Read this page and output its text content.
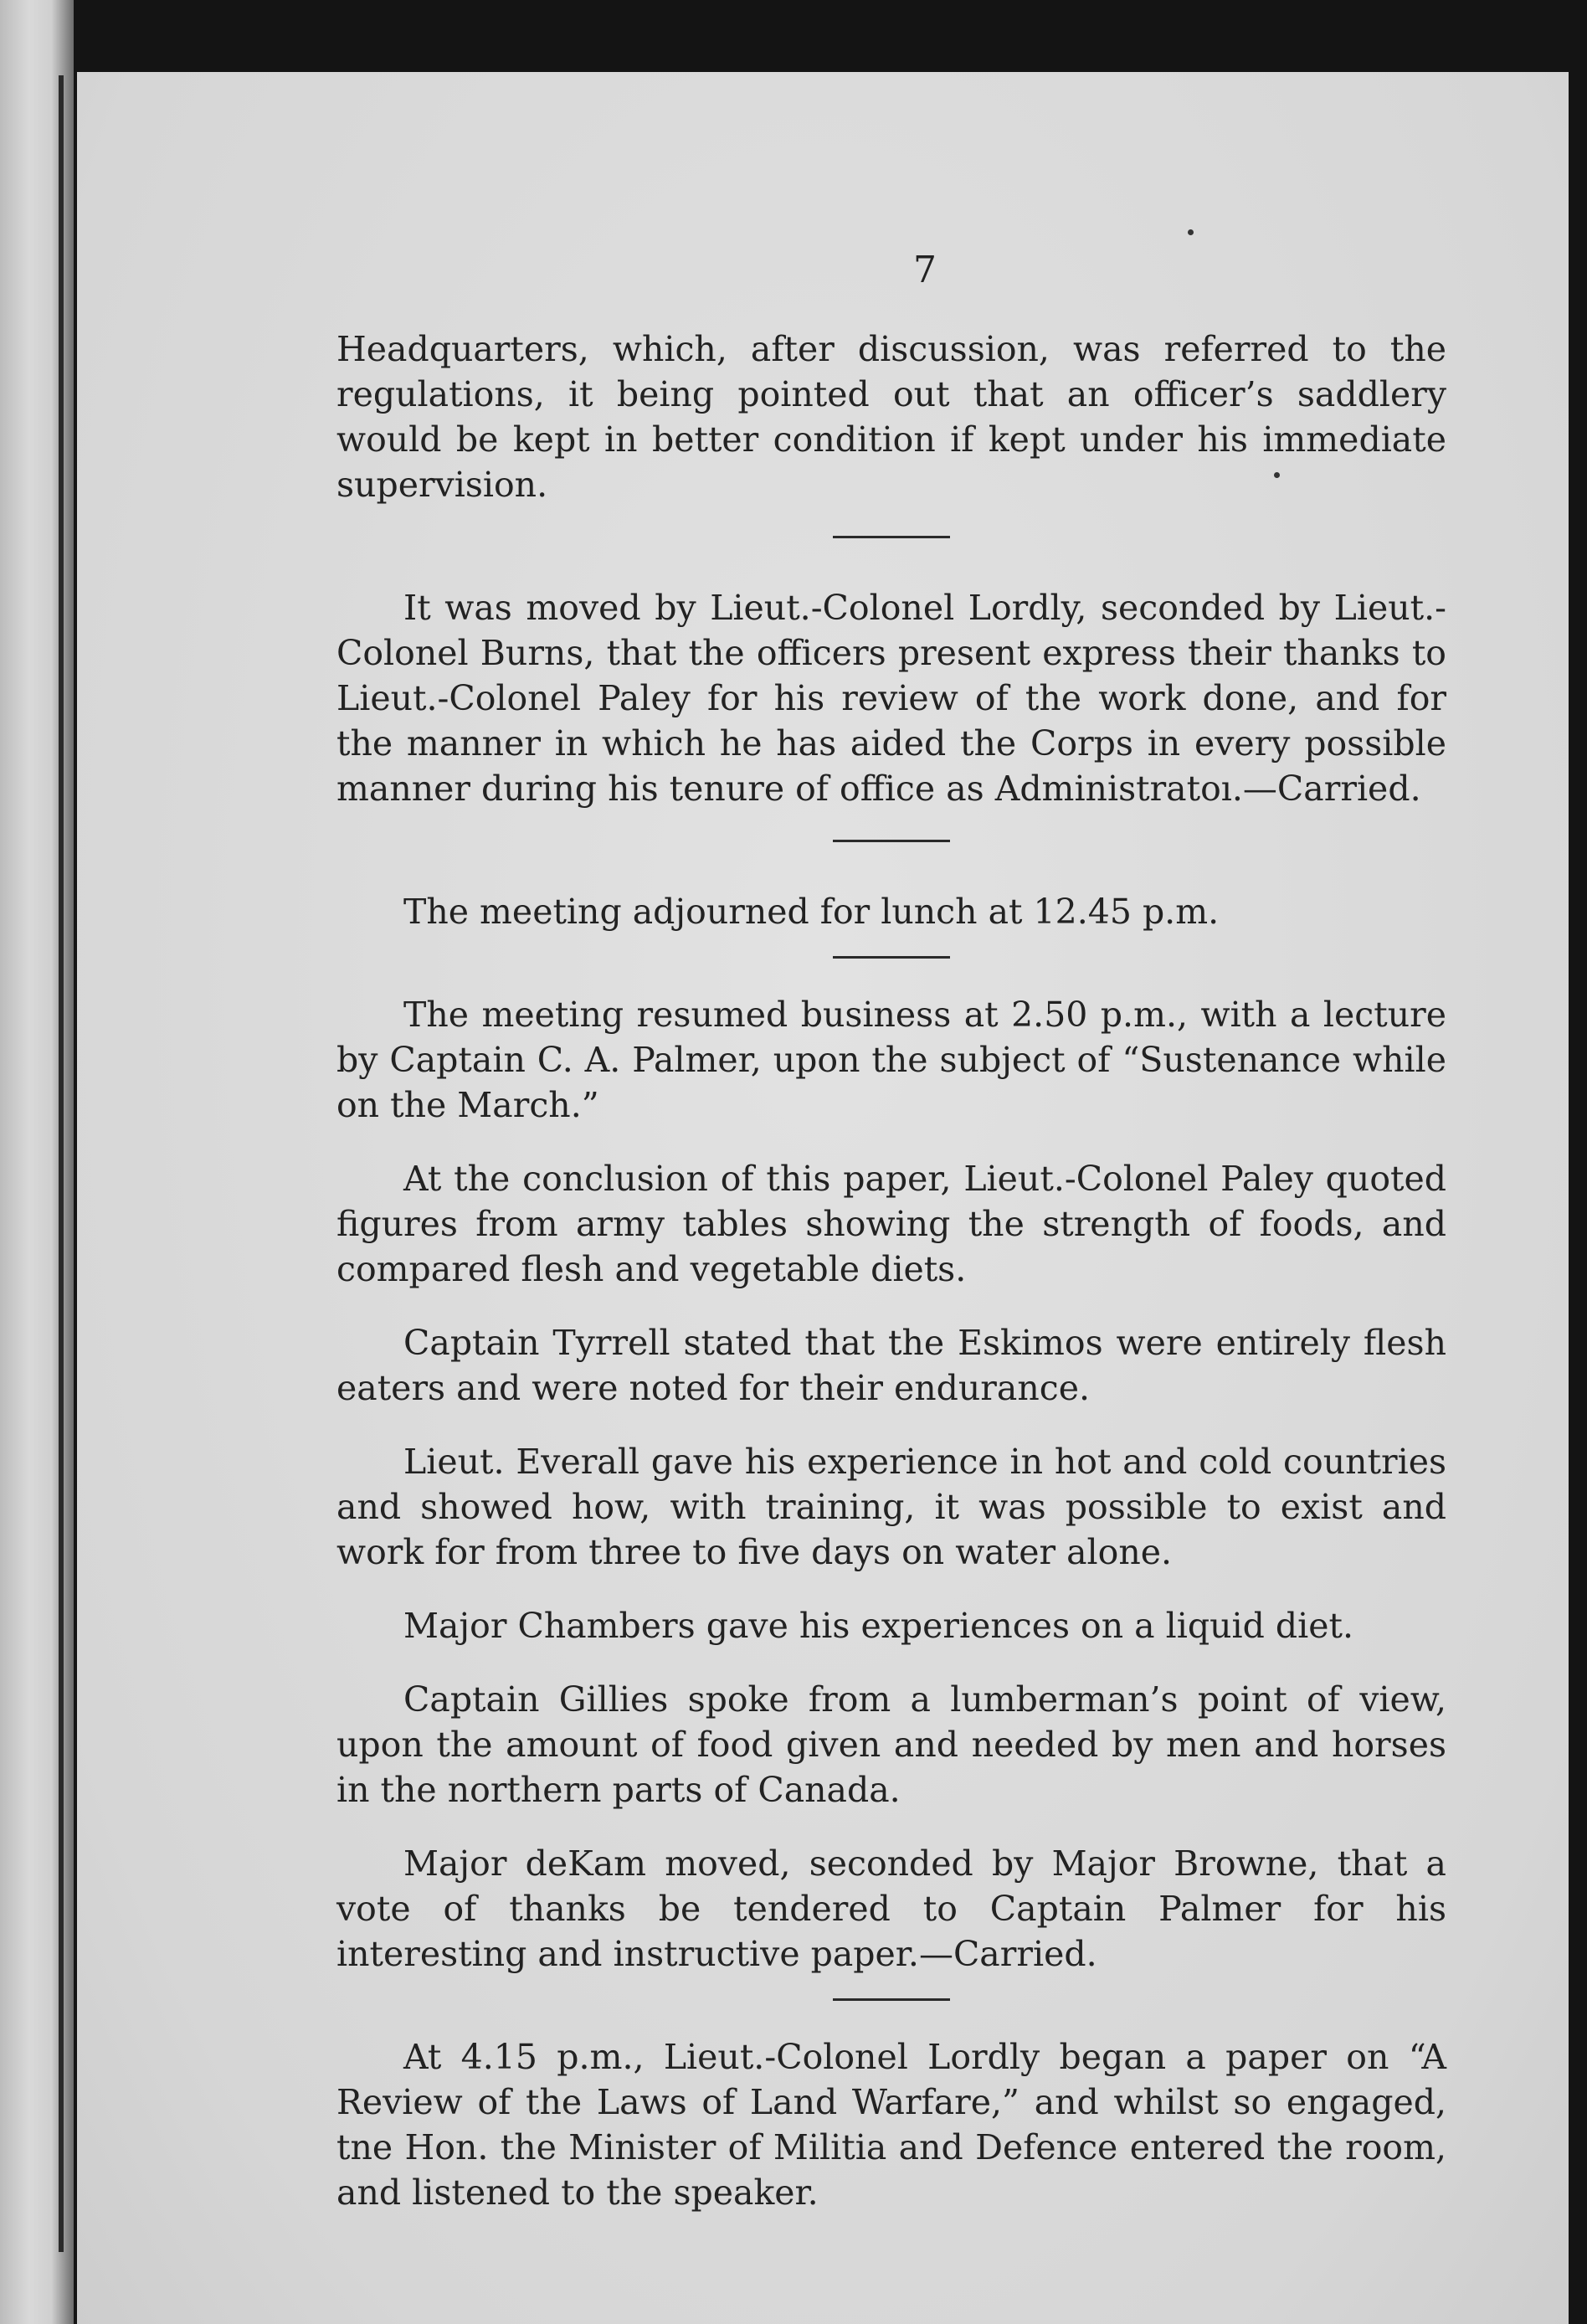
7

Headquarters, which, after discussion, was referred to the regulations, it being pointed out that an officer’s saddlery would be kept in better condition if kept under his immediate supervision.

It was moved by Lieut.-Colonel Lordly, seconded by Lieut.-Colonel Burns, that the officers present express their thanks to Lieut.-Colonel Paley for his review of the work done, and for the manner in which he has aided the Corps in every possible manner during his tenure of office as Administratoı.—Carried.

The meeting adjourned for lunch at 12.45 p.m.

The meeting resumed business at 2.50 p.m., with a lecture by Captain C. A. Palmer, upon the subject of “Sustenance while on the March.”

At the conclusion of this paper, Lieut.-Colonel Paley quoted figures from army tables showing the strength of foods, and compared flesh and vegetable diets.

Captain Tyrrell stated that the Eskimos were entirely flesh eaters and were noted for their endurance.

Lieut. Everall gave his experience in hot and cold countries and showed how, with training, it was possible to exist and work for from three to five days on water alone.

Major Chambers gave his experiences on a liquid diet.

Captain Gillies spoke from a lumberman’s point of view, upon the amount of food given and needed by men and horses in the northern parts of Canada.

Major deKam moved, seconded by Major Browne, that a vote of thanks be tendered to Captain Palmer for his interesting and instructive paper.—Carried.

At 4.15 p.m., Lieut.-Colonel Lordly began a paper on “A Review of the Laws of Land Warfare,” and whilst so engaged, tne Hon. the Minister of Militia and Defence entered the room, and listened to the speaker.
